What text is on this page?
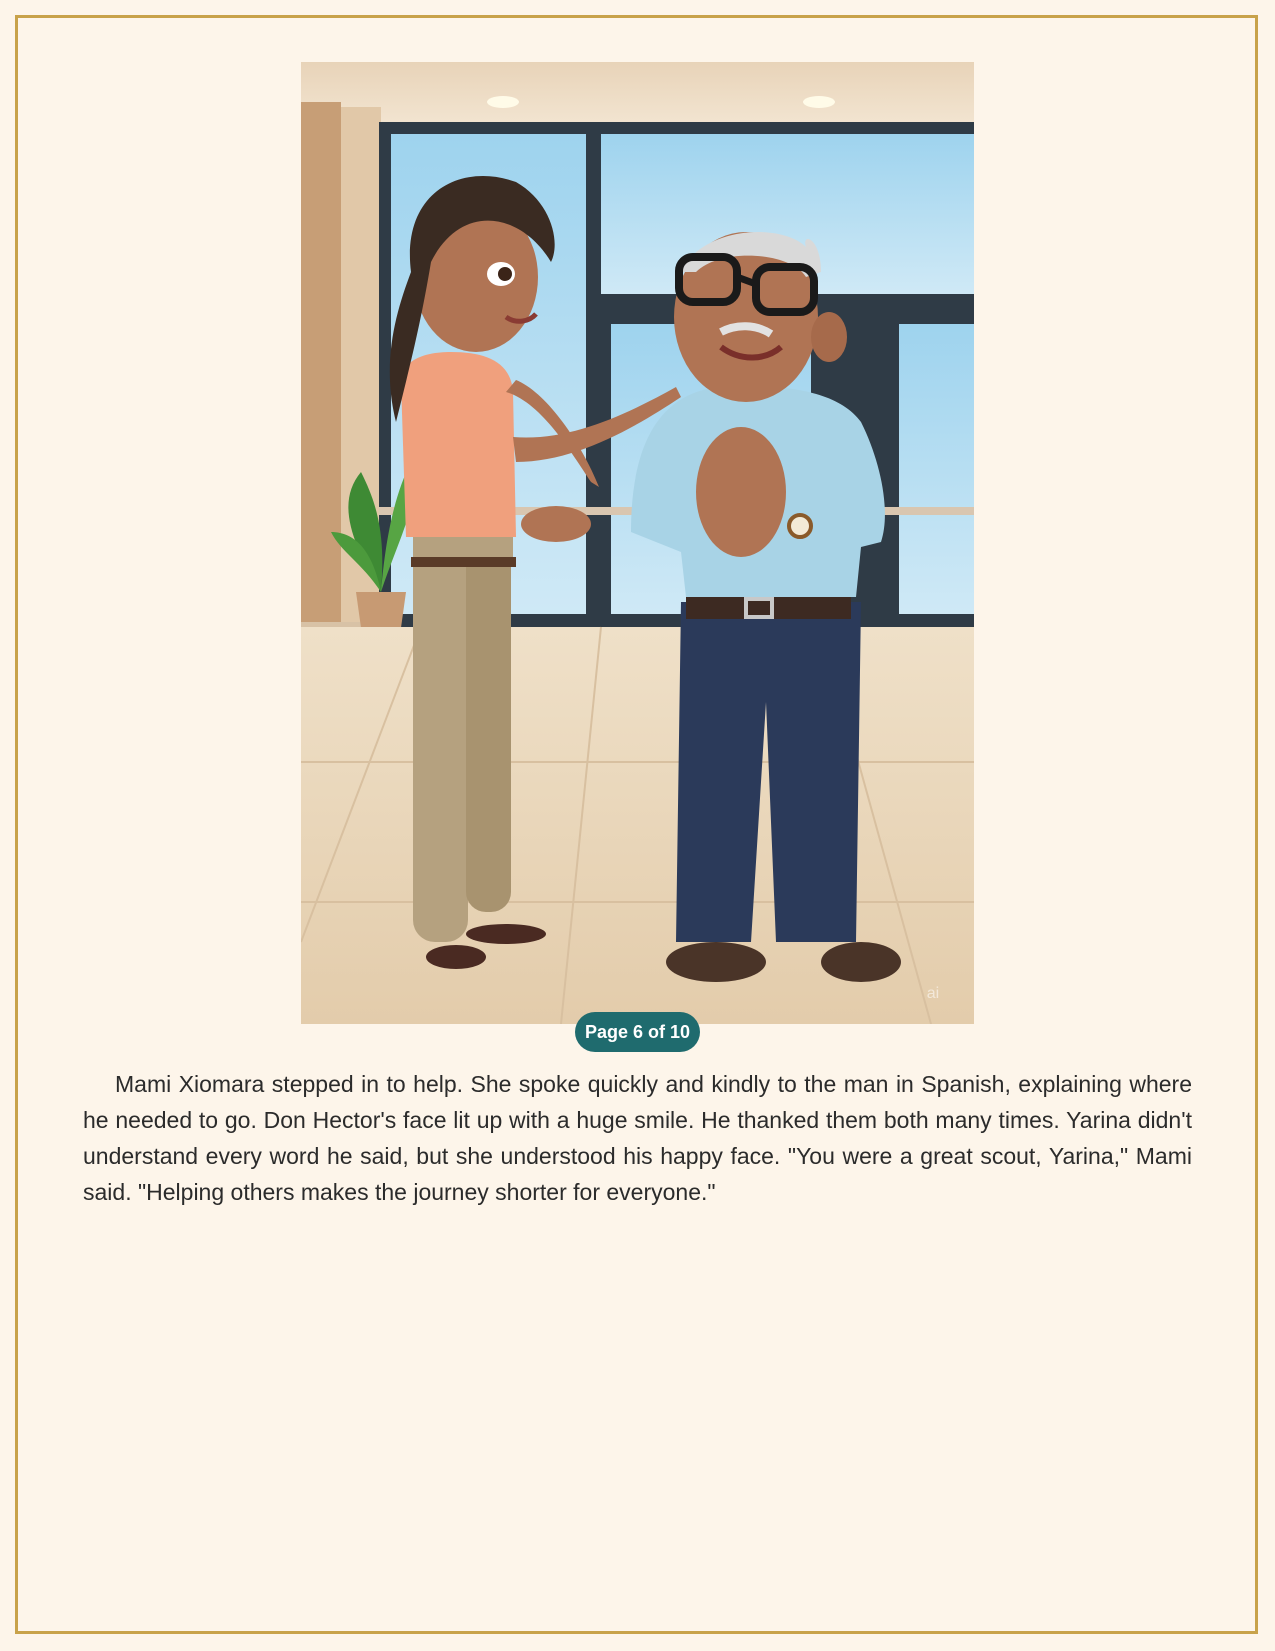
ai
Page 6 of 10

Mami Xiomara stepped in to help. She spoke quickly and kindly to the man in Spanish, explaining where he needed to go. Don Hector's face lit up with a huge smile. He thanked them both many times. Yarina didn't understand every word he said, but she understood his happy face. "You were a great scout, Yarina," Mami said. "Helping others makes the journey shorter for everyone."
